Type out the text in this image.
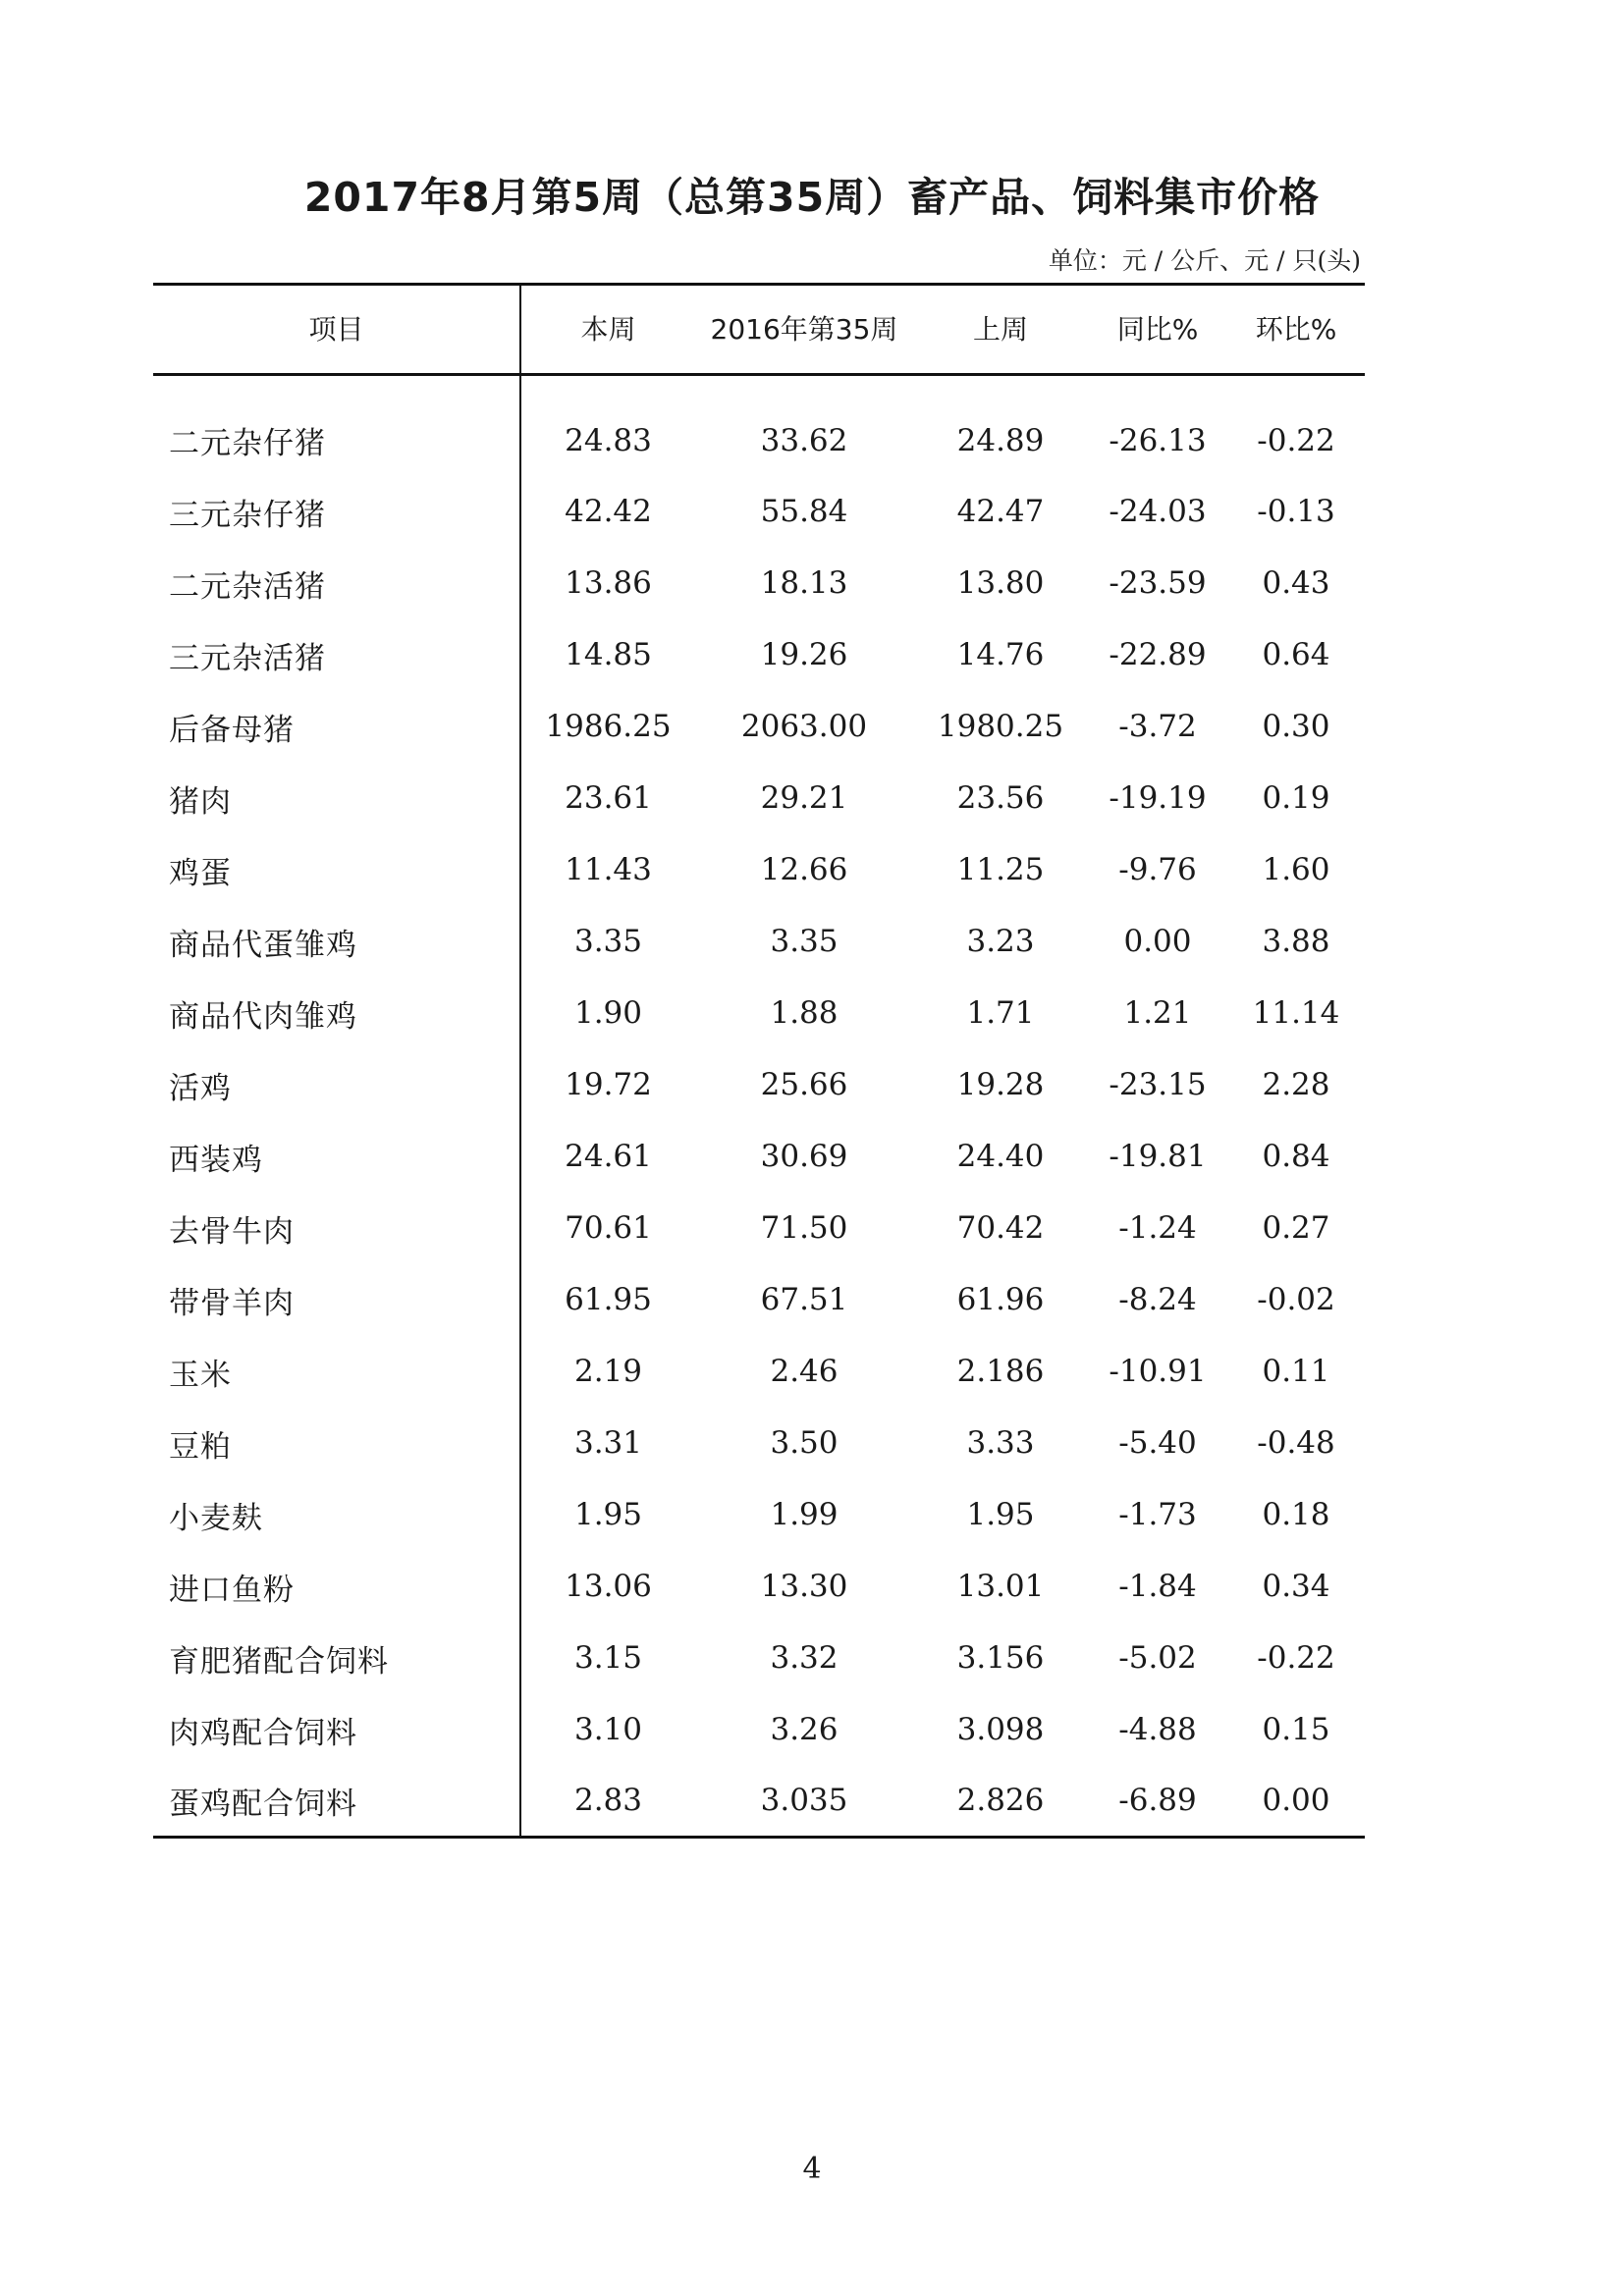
2017年8月第5周（总第35周）畜产品、饲料集市价格
单位：元 / 公斤、元 / 只(头)
项目	本周	2016年第35周	上周	同比%	环比%
二元杂仔猪	24.83	33.62	24.89	-26.13	-0.22
三元杂仔猪	42.42	55.84	42.47	-24.03	-0.13
二元杂活猪	13.86	18.13	13.80	-23.59	0.43
三元杂活猪	14.85	19.26	14.76	-22.89	0.64
后备母猪	1986.25	2063.00	1980.25	-3.72	0.30
猪肉	23.61	29.21	23.56	-19.19	0.19
鸡蛋	11.43	12.66	11.25	-9.76	1.60
商品代蛋雏鸡	3.35	3.35	3.23	0.00	3.88
商品代肉雏鸡	1.90	1.88	1.71	1.21	11.14
活鸡	19.72	25.66	19.28	-23.15	2.28
西装鸡	24.61	30.69	24.40	-19.81	0.84
去骨牛肉	70.61	71.50	70.42	-1.24	0.27
带骨羊肉	61.95	67.51	61.96	-8.24	-0.02
玉米	2.19	2.46	2.186	-10.91	0.11
豆粕	3.31	3.50	3.33	-5.40	-0.48
小麦麸	1.95	1.99	1.95	-1.73	0.18
进口鱼粉	13.06	13.30	13.01	-1.84	0.34
育肥猪配合饲料	3.15	3.32	3.156	-5.02	-0.22
肉鸡配合饲料	3.10	3.26	3.098	-4.88	0.15
蛋鸡配合饲料	2.83	3.035	2.826	-6.89	0.00
4
